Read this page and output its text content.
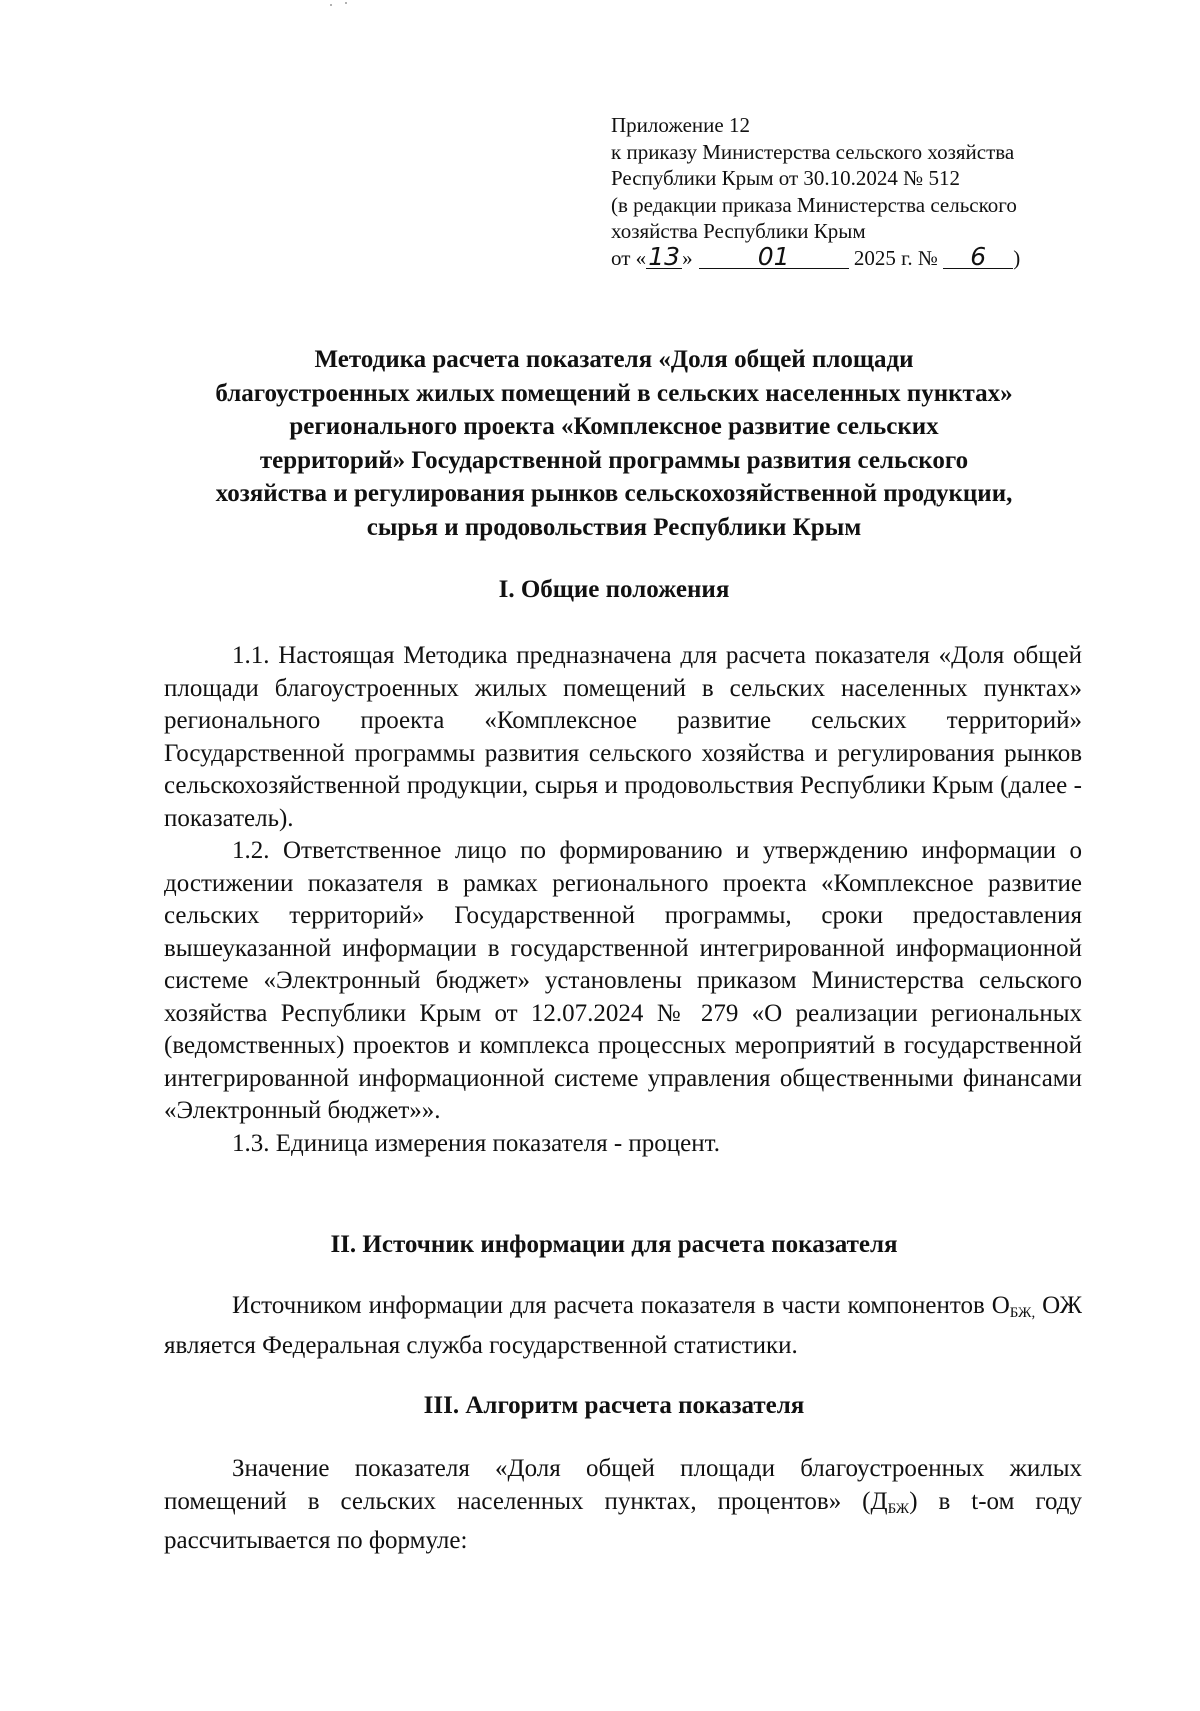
Приложение 12
к приказу Министерства сельского хозяйства
Республики Крым от 30.10.2024 № 512
(в редакции приказа Министерства сельского
хозяйства Республики Крым
от «13»	01	2025 г. № 6 )
Методика расчета показателя «Доля общей площади
благоустроенных жилых помещений в сельских населенных пунктах»
регионального проекта «Комплексное развитие сельских
территорий» Государственной программы развития сельского
хозяйства и регулирования рынков сельскохозяйственной продукции,
сырья и продовольствия Республики Крым
I. Общие положения

1.1. Настоящая Методика предназначена для расчета показателя «Доля общей площади благоустроенных жилых помещений в сельских населенных пунктах» регионального проекта «Комплексное развитие сельских территорий» Государственной программы развития сельского хозяйства и регулирования рынков сельскохозяйственной продукции, сырья и продовольствия Республики Крым (далее - показатель).

1.2. Ответственное лицо по формированию и утверждению информации о достижении показателя в рамках регионального проекта «Комплексное развитие сельских территорий» Государственной программы, сроки предоставления вышеуказанной информации в государственной интегрированной информационной системе «Электронный бюджет» установлены приказом Министерства сельского хозяйства Республики Крым от 12.07.2024 № 279 «О реализации региональных (ведомственных) проектов и комплекса процессных мероприятий в государственной интегрированной информационной системе управления общественными финансами «Электронный бюджет»».

1.3. Единица измерения показателя - процент.

II. Источник информации для расчета показателя

Источником информации для расчета показателя в части компонентов $О_{БЖ,}$ ОЖ является Федеральная служба государственной статистики.

III. Алгоритм расчета показателя

Значение показателя «Доля общей площади благоустроенных жилых помещений в сельских населенных пунктах, процентов» $(Д_{БЖ})$ в t-ом году рассчитывается по формуле:
